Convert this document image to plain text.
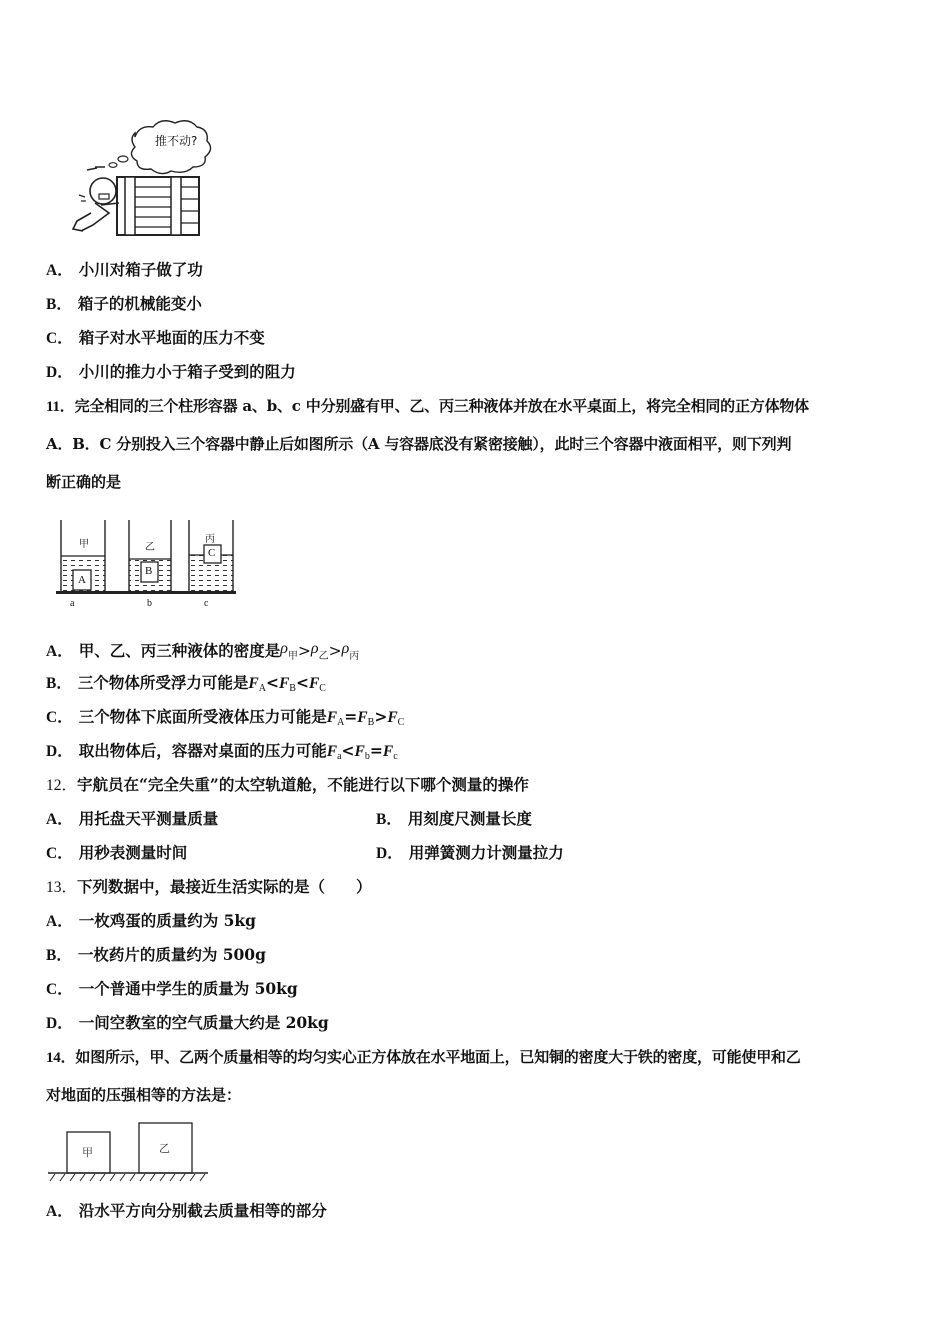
推不动?
A． 小川对箱子做了功
B． 箱子的机械能变小
C． 箱子对水平地面的压力不变
D． 小川的推力小于箱子受到的阻力
11．完全相同的三个柱形容器 a、b、c 中分别盛有甲、乙、丙三种液体并放在水平桌面上，将完全相同的正方体物体
A．B．C 分别投入三个容器中静止后如图所示（A 与容器底没有紧密接触），此时三个容器中液面相平，则下列判
断正确的是
甲	乙
丙
A
B
C
a	b	c
A． 甲、乙、丙三种液体的密度是$\rho_甲>\rho_乙>\rho_丙$
B． 三个物体所受浮力可能是$F_A<F_B<F_C$
C． 三个物体下底面所受液体压力可能是$F_A=F_B>F_C$
D． 取出物体后，容器对桌面的压力可能$F_a<F_b=F_c$
12．宇航员在“完全失重”的太空轨道舱，不能进行以下哪个测量的操作
A． 用托盘天平测量质量	B． 用刻度尺测量长度
C． 用秒表测量时间	D． 用弹簧测力计测量拉力
13．下列数据中，最接近生活实际的是（　　）
A． 一枚鸡蛋的质量约为 5kg
B． 一枚药片的质量约为 500g
C． 一个普通中学生的质量为 50kg
D． 一间空教室的空气质量大约是 20kg
14．如图所示，甲、乙两个质量相等的均匀实心正方体放在水平地面上，已知铜的密度大于铁的密度，可能使甲和乙
对地面的压强相等的方法是：
甲	乙
A． 沿水平方向分别截去质量相等的部分
